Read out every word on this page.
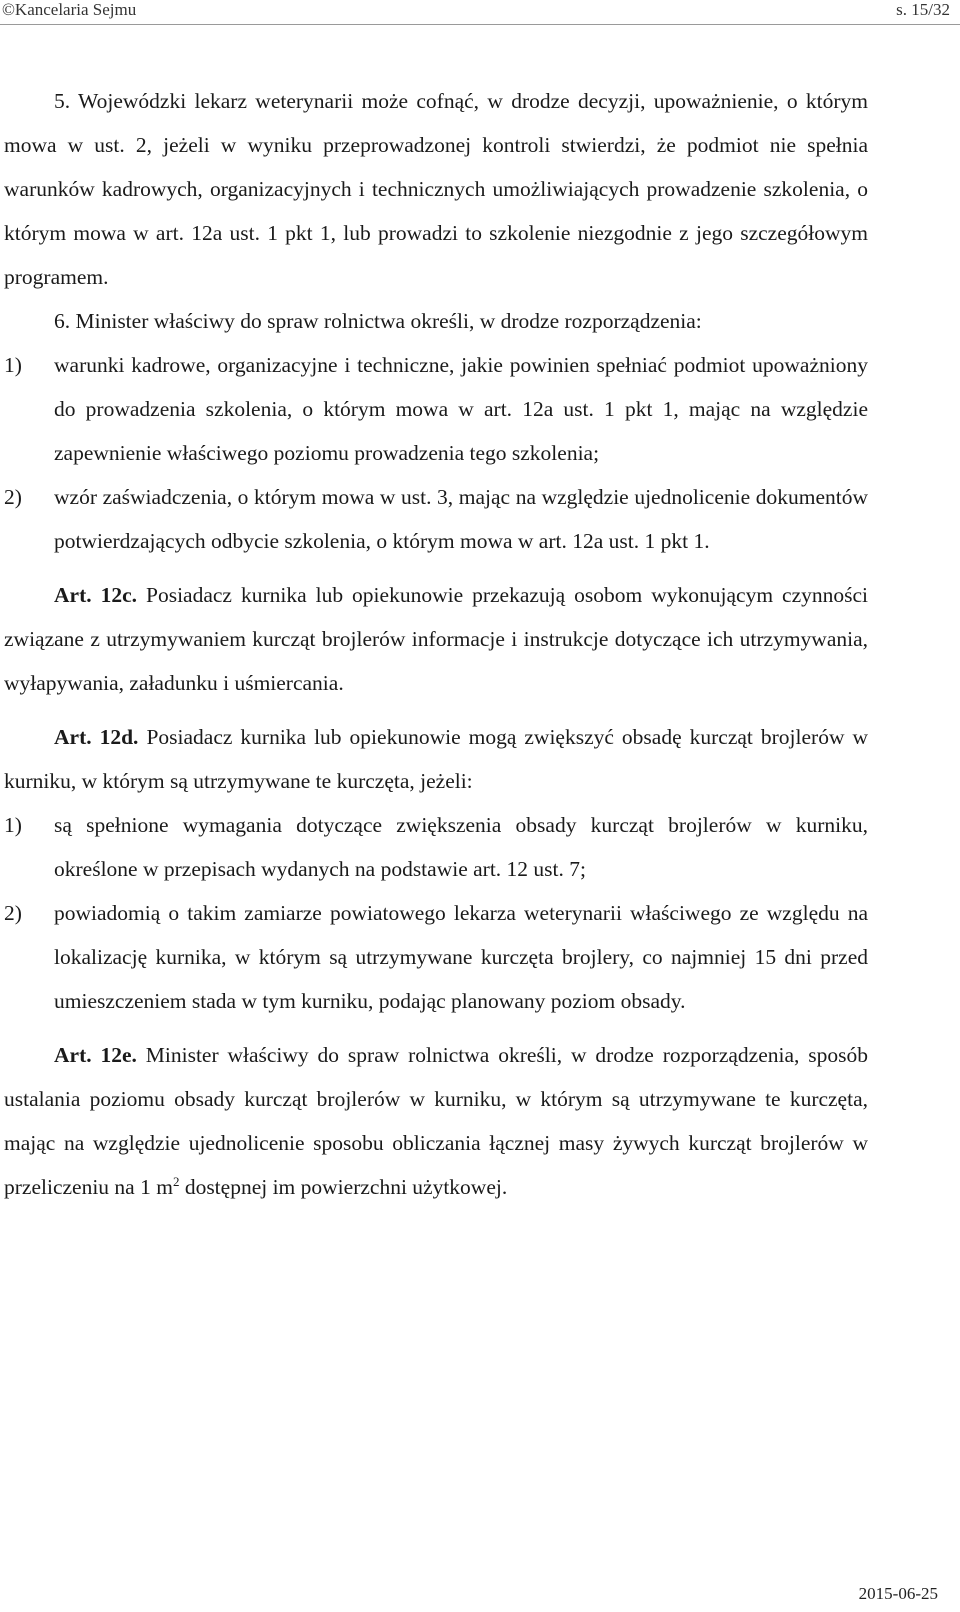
©Kancelaria Sejmu	s. 15/32

5. Wojewódzki lekarz weterynarii może cofnąć, w drodze decyzji, upoważnienie, o którym mowa w ust. 2, jeżeli w wyniku przeprowadzonej kontroli stwierdzi, że podmiot nie spełnia warunków kadrowych, organizacyjnych i technicznych umożliwiających prowadzenie szkolenia, o którym mowa w art. 12a ust. 1 pkt 1, lub prowadzi to szkolenie niezgodnie z jego szczegółowym programem.

6. Minister właściwy do spraw rolnictwa określi, w drodze rozporządzenia:

1)	warunki kadrowe, organizacyjne i techniczne, jakie powinien spełniać podmiot upoważniony do prowadzenia szkolenia, o którym mowa w art. 12a ust. 1 pkt 1, mając na względzie zapewnienie właściwego poziomu prowadzenia tego szkolenia;
2)	wzór zaświadczenia, o którym mowa w ust. 3, mając na względzie ujednolicenie dokumentów potwierdzających odbycie szkolenia, o którym mowa w art. 12a ust. 1 pkt 1.

Art. 12c. Posiadacz kurnika lub opiekunowie przekazują osobom wykonującym czynności związane z utrzymywaniem kurcząt brojlerów informacje i instrukcje dotyczące ich utrzymywania, wyłapywania, załadunku i uśmiercania.

Art. 12d. Posiadacz kurnika lub opiekunowie mogą zwiększyć obsadę kurcząt brojlerów w kurniku, w którym są utrzymywane te kurczęta, jeżeli:

1)	są spełnione wymagania dotyczące zwiększenia obsady kurcząt brojlerów w kurniku, określone w przepisach wydanych na podstawie art. 12 ust. 7;
2)	powiadomią o takim zamiarze powiatowego lekarza weterynarii właściwego ze względu na lokalizację kurnika, w którym są utrzymywane kurczęta brojlery, co najmniej 15 dni przed umieszczeniem stada w tym kurniku, podając planowany poziom obsady.

Art. 12e. Minister właściwy do spraw rolnictwa określi, w drodze rozporządzenia, sposób ustalania poziomu obsady kurcząt brojlerów w kurniku, w którym są utrzymywane te kurczęta, mając na względzie ujednolicenie sposobu obliczania łącznej masy żywych kurcząt brojlerów w przeliczeniu na 1 $m^2$ dostępnej im powierzchni użytkowej.

2015-06-25
